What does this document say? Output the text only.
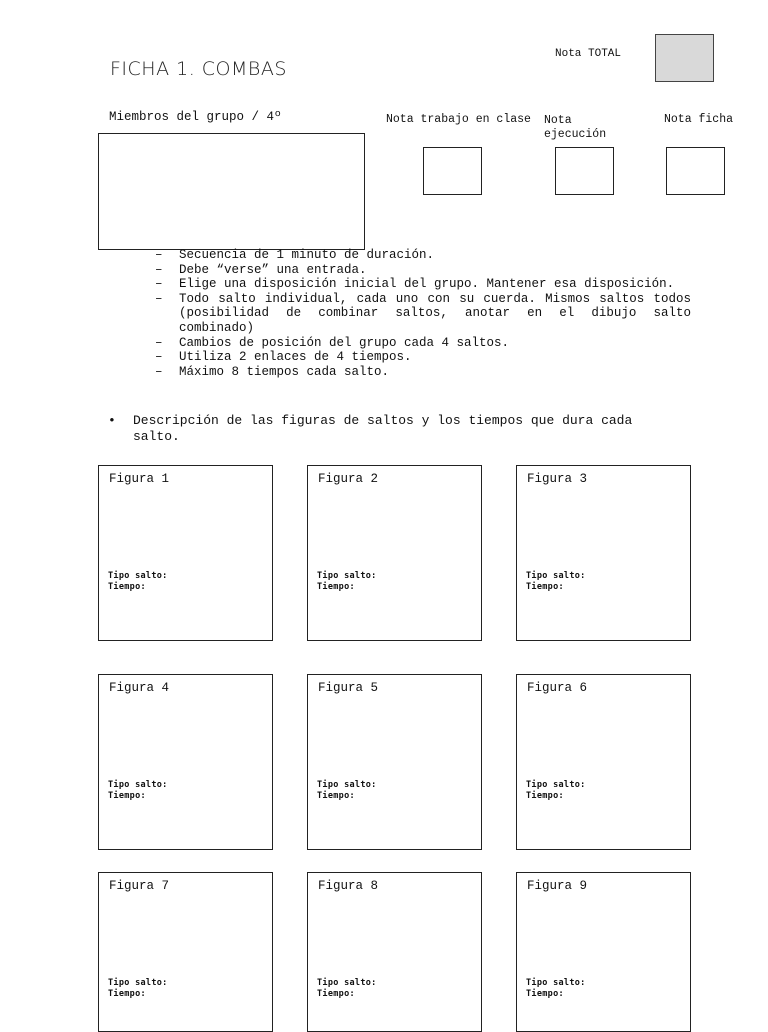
FICHA 1. COMBAS
Nota TOTAL
Miembros del grupo / 4º	Nota trabajo en clase Nota
ejecución
Nota ficha
– Secuencia de 1 minuto de duración.
– Debe “verse” una entrada.
– Elige una disposición inicial del grupo. Mantener esa disposición.
– Todo salto individual, cada uno con su cuerda. Mismos saltos todos (posibilidad de combinar saltos, anotar en el dibujo salto combinado)
– Cambios de posición del grupo cada 4 saltos.
– Utiliza 2 enlaces de 4 tiempos.
– Máximo 8 tiempos cada salto.
•	Descripción de las figuras de saltos y los tiempos que dura cada salto.
Figura 1
Tipo salto:
Tiempo:
Figura 2
Tipo salto:
Tiempo:
Figura 3
Tipo salto:
Tiempo:
Figura 4
Tipo salto:
Tiempo:
Figura 5
Tipo salto:
Tiempo:
Figura 6
Tipo salto:
Tiempo:
Figura 7
Tipo salto:
Tiempo:
Figura 8
Tipo salto:
Tiempo:
Figura 9
Tipo salto:
Tiempo:
